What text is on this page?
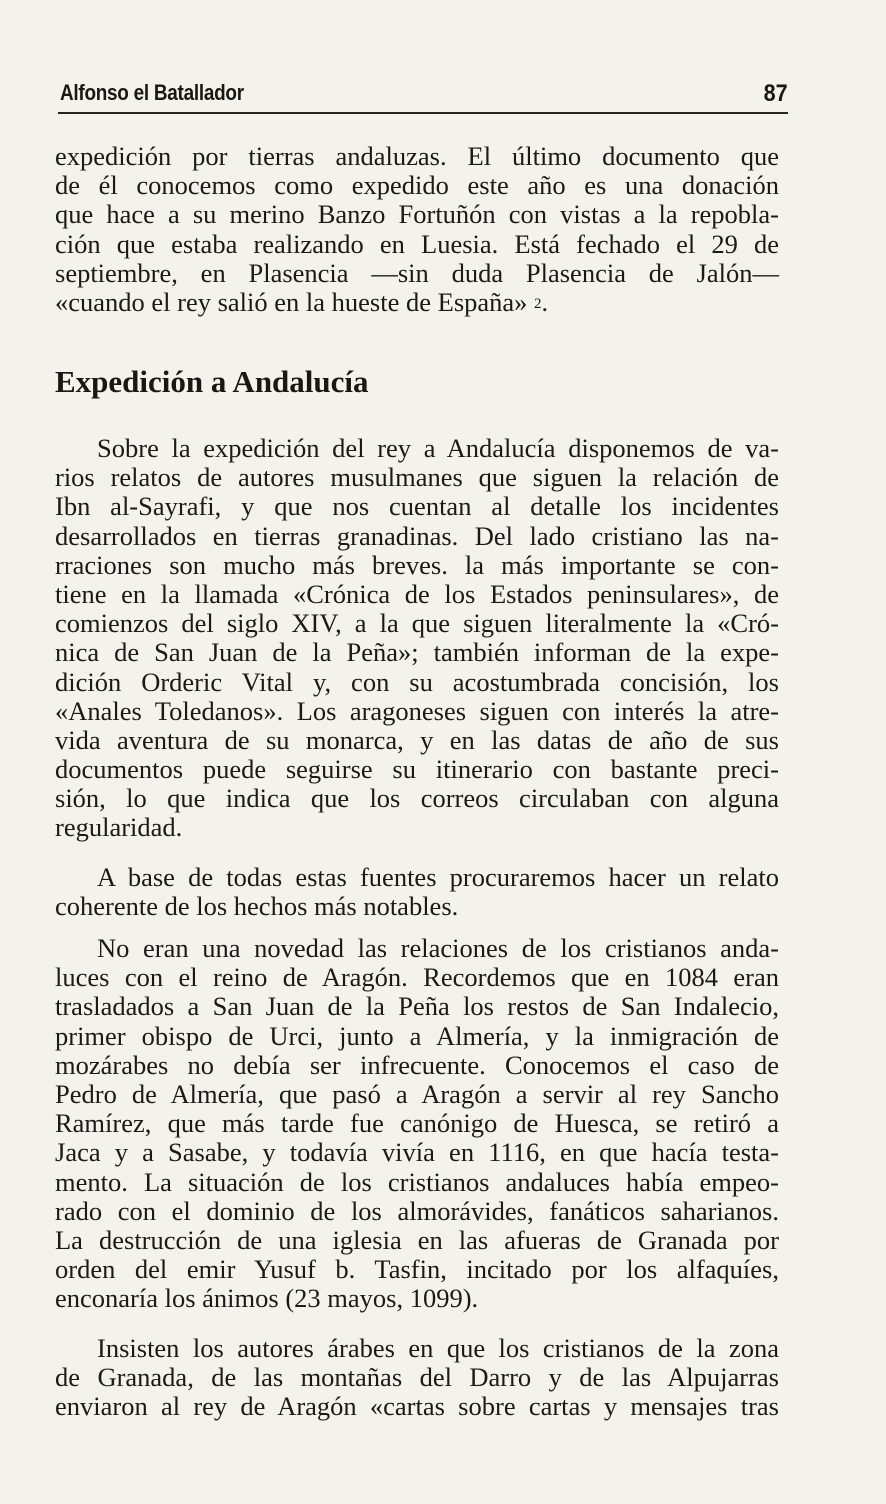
Alfonso el Batallador	87
expedición por tierras andaluzas. El último documento que
de él conocemos como expedido este año es una donación
que hace a su merino Banzo Fortuñón con vistas a la repobla-
ción que estaba realizando en Luesia. Está fechado el 29 de
septiembre, en Plasencia —sin duda Plasencia de Jalón—
«cuando el rey salió en la hueste de España» 2.
Expedición a Andalucía
Sobre la expedición del rey a Andalucía disponemos de va-
rios relatos de autores musulmanes que siguen la relación de
Ibn al-Sayrafi, y que nos cuentan al detalle los incidentes
desarrollados en tierras granadinas. Del lado cristiano las na-
rraciones son mucho más breves. la más importante se con-
tiene en la llamada «Crónica de los Estados peninsulares», de
comienzos del siglo XIV, a la que siguen literalmente la «Cró-
nica de San Juan de la Peña»; también informan de la expe-
dición Orderic Vital y, con su acostumbrada concisión, los
«Anales Toledanos». Los aragoneses siguen con interés la atre-
vida aventura de su monarca, y en las datas de año de sus
documentos puede seguirse su itinerario con bastante preci-
sión, lo que indica que los correos circulaban con alguna
regularidad.
A base de todas estas fuentes procuraremos hacer un relato
coherente de los hechos más notables.
No eran una novedad las relaciones de los cristianos anda-
luces con el reino de Aragón. Recordemos que en 1084 eran
trasladados a San Juan de la Peña los restos de San Indalecio,
primer obispo de Urci, junto a Almería, y la inmigración de
mozárabes no debía ser infrecuente. Conocemos el caso de
Pedro de Almería, que pasó a Aragón a servir al rey Sancho
Ramírez, que más tarde fue canónigo de Huesca, se retiró a
Jaca y a Sasabe, y todavía vivía en 1116, en que hacía testa-
mento. La situación de los cristianos andaluces había empeo-
rado con el dominio de los almorávides, fanáticos saharianos.
La destrucción de una iglesia en las afueras de Granada por
orden del emir Yusuf b. Tasfin, incitado por los alfaquíes,
enconaría los ánimos (23 mayos, 1099).
Insisten los autores árabes en que los cristianos de la zona
de Granada, de las montañas del Darro y de las Alpujarras
enviaron al rey de Aragón «cartas sobre cartas y mensajes tras
